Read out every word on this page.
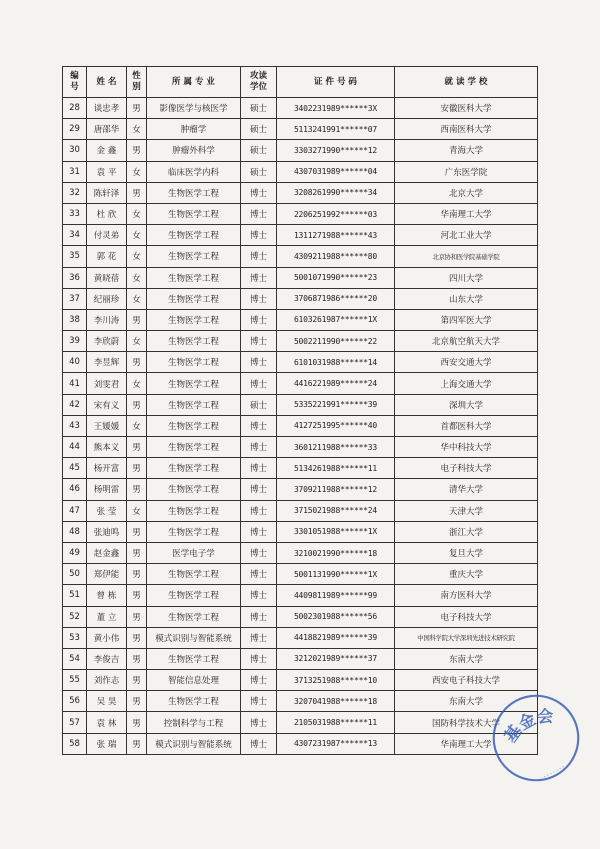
编号	姓 名	性别	所 属 专 业	攻读学位	证 件 号 码	就 读 学 校
28	谈忠孝	男	影像医学与核医学	硕士	3402231989******3X	安徽医科大学
29	唐邵华	女	肿瘤学	硕士	5113241991******07	西南医科大学
30	金 鑫	男	肿瘤外科学	硕士	3303271990******12	青海大学
31	袁 平	女	临床医学内科	硕士	4307031989******04	广东医学院
32	陈轩泽	男	生物医学工程	博士	3208261990******34	北京大学
33	杜 欣	女	生物医学工程	博士	2206251992******03	华南理工大学
34	付灵弟	女	生物医学工程	博士	1311271988******43	河北工业大学
35	郭 花	女	生物医学工程	博士	4309211988******80	北京协和医学院基础学院
36	黄晓蓓	女	生物医学工程	博士	5001071990******23	四川大学
37	纪丽珍	女	生物医学工程	博士	3706871986******20	山东大学
38	李川涛	男	生物医学工程	博士	6103261987******1X	第四军医大学
39	李欣蔚	女	生物医学工程	博士	5002211990******22	北京航空航天大学
40	李昱辉	男	生物医学工程	博士	6101031988******14	西安交通大学
41	刘雯君	女	生物医学工程	博士	4416221989******24	上海交通大学
42	宋有义	男	生物医学工程	硕士	5335221991******39	深圳大学
43	王媛媛	女	生物医学工程	博士	4127251995******40	首都医科大学
44	熊本义	男	生物医学工程	博士	3601211988******33	华中科技大学
45	杨开富	男	生物医学工程	博士	5134261988******11	电子科技大学
46	杨明雷	男	生物医学工程	博士	3709211988******12	清华大学
47	张 莹	女	生物医学工程	博士	3715021988******24	天津大学
48	张迪鸣	男	生物医学工程	博士	3301051988******1X	浙江大学
49	赵金鑫	男	医学电子学	博士	3210021990******18	复旦大学
50	郑伊能	男	生物医学工程	博士	5001131990******1X	重庆大学
51	曾 栋	男	生物医学工程	博士	4409811989******99	南方医科大学
52	董 立	男	生物医学工程	博士	5002301988******56	电子科技大学
53	黄小伟	男	模式识别与智能系统	博士	4418821989******39	中国科学院大学深圳先进技术研究院
54	李俊吉	男	生物医学工程	博士	3212021989******37	东南大学
55	刘作志	男	智能信息处理	博士	3713251988******10	西安电子科技大学
56	吴 昊	男	生物医学工程	博士	3207041988******18	东南大学
57	袁 林	男	控制科学与工程	博士	2105031988******11	国防科学技术大学
58	张 瑞	男	模式识别与智能系统	博士	4307231987******13	华南理工大学 基金会
·······
